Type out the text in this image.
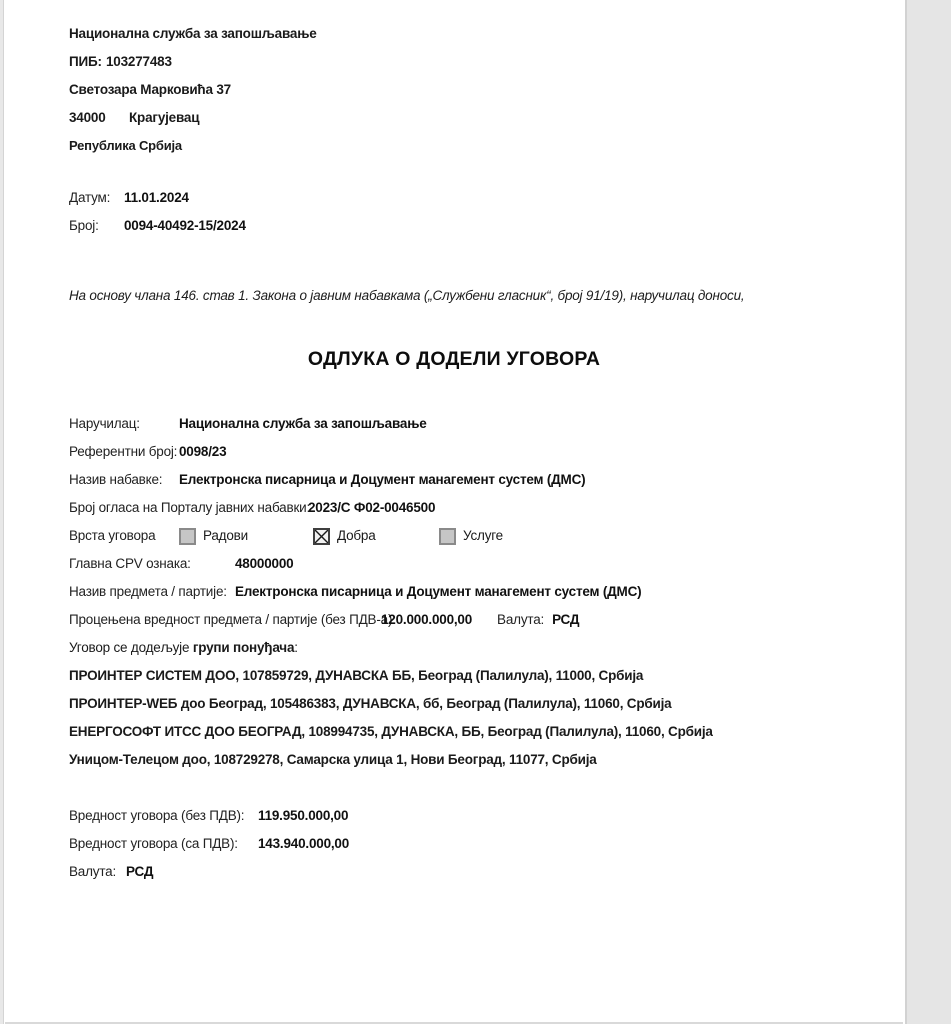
Национална служба за запошљавање
ПИБ: 103277483
Светозара Марковића 37
34000	Крагујевац
Република Србија
Датум:	11.01.2024
Број:	0094-40492-15/2024
На основу члана 146. став 1. Закона о јавним набавкама („Службени гласник“, број 91/19), наручилац доноси,
ОДЛУКА О ДОДЕЛИ УГОВОРА
Наручилац:	Национална служба за запошљавање
Референтни број: 0098/23
Назив набавке:	Електронска писарница и Доцумент манагемент сустем (ДМС)
Број огласа на Порталу јавних набавки:
2023/С Ф02-0046500
Врста уговора	Радови	Добра	Услуге
Главна CPV ознака:	48000000
Назив предмета / партије: Електронска писарница и Доцумент манагемент сустем (ДМС)
Процењена вредност предмета / партије (без ПДВ-а):
120.000.000,00 Валута: РСД
Уговор се додељује групи понуђача:
ПРОИНТЕР СИСТЕМ ДОО, 107859729, ДУНАВСКА ББ, Београд (Палилула), 11000, Србија
ПРОИНТЕР-WEБ доо Београд, 105486383, ДУНАВСКА, бб, Београд (Палилула), 11060, Србија
ЕНЕРГОСОФТ ИТСС ДОО БЕОГРАД, 108994735, ДУНАВСКА, ББ, Београд (Палилула), 11060, Србија
Уницом-Телецом доо, 108729278, Самарска улица 1, Нови Београд, 11077, Србија
Вредност уговора (без ПДВ):	119.950.000,00
Вредност уговора (са ПДВ):	143.940.000,00
Валута: РСД
